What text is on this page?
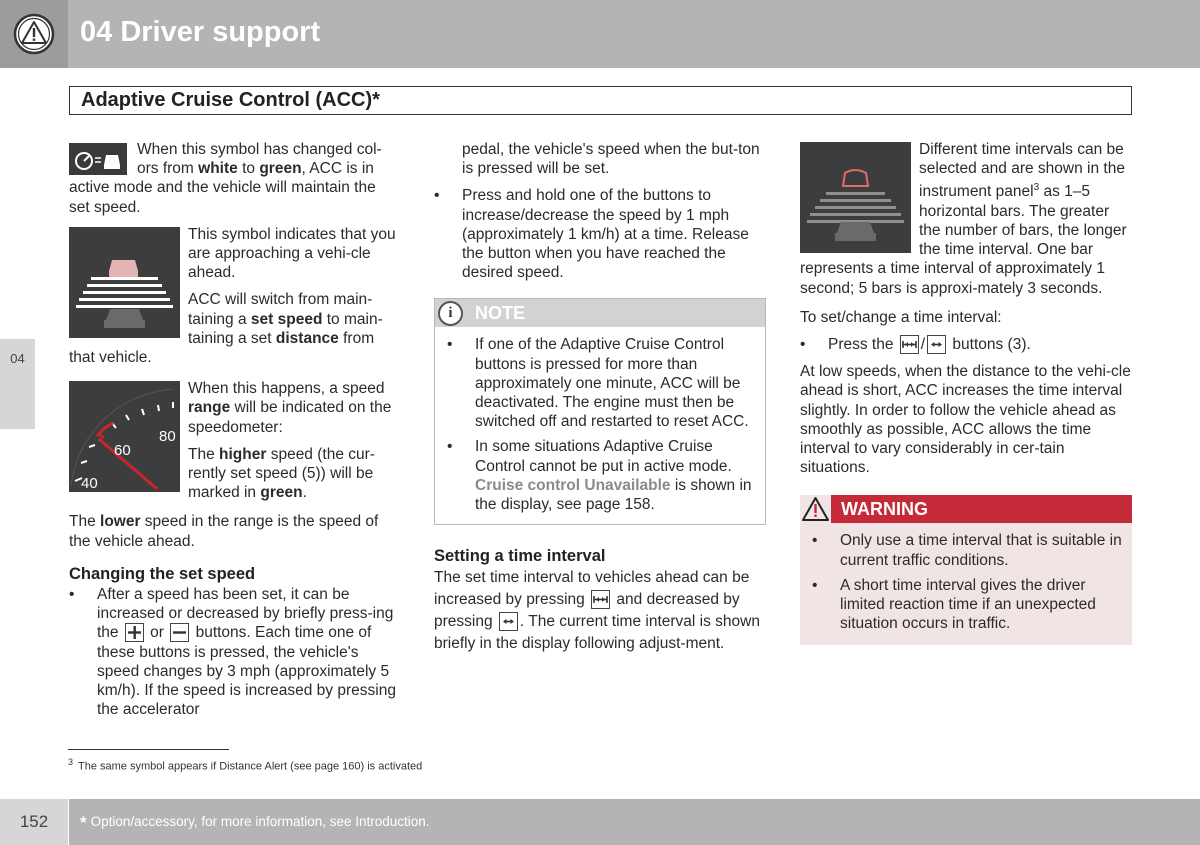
04 Driver support
Adaptive Cruise Control (ACC)*
04
When this symbol has changed col-ors from white to green, ACC is in active mode and the vehicle will maintain the set speed.
This symbol indicates that you are approaching a vehi-cle ahead.
ACC will switch from main-taining a set speed to main-taining a set distance from that vehicle.
80
60
40
When this happens, a speed range will be indicated on the speedometer:
The higher speed (the cur-rently set speed (5)) will be marked in green.
The lower speed in the range is the speed of the vehicle ahead.
Changing the set speed
• After a speed has been set, it can be increased or decreased by briefly press-ing the  or  buttons. Each time one of these buttons is pressed, the vehicle's speed changes by 3 mph (approximately 5 km/h). If the speed is increased by pressing the accelerator
pedal, the vehicle's speed when the but-ton is pressed will be set.
• Press and hold one of the buttons to increase/decrease the speed by 1 mph (approximately 1 km/h) at a time. Release the button when you have reached the desired speed.
i	NOTE
• If one of the Adaptive Cruise Control buttons is pressed for more than approximately one minute, ACC will be deactivated. The engine must then be switched off and restarted to reset ACC.
• In some situations Adaptive Cruise Control cannot be put in active mode. Cruise control Unavailable is shown in the display, see page 158.
Setting a time interval
The set time interval to vehicles ahead can be increased by pressing  and decreased by pressing . The current time interval is shown briefly in the display following adjust-ment.
Different time intervals can be selected and are shown in the instrument panel$^3$ as 1–5 horizontal bars. The greater the number of bars, the longer the time interval. One bar represents a time interval of approximately 1 second; 5 bars is approxi-mately 3 seconds.
To set/change a time interval:
• Press the / buttons (3).
At low speeds, when the distance to the vehi-cle ahead is short, ACC increases the time interval slightly. In order to follow the vehicle ahead as smoothly as possible, ACC allows the time interval to vary considerably in cer-tain situations.
WARNING
• Only use a time interval that is suitable in current traffic conditions.
• A short time interval gives the driver limited reaction time if an unexpected situation occurs in traffic.
$^3$ The same symbol appears if Distance Alert (see page 160) is activated
152	* Option/accessory, for more information, see Introduction.
